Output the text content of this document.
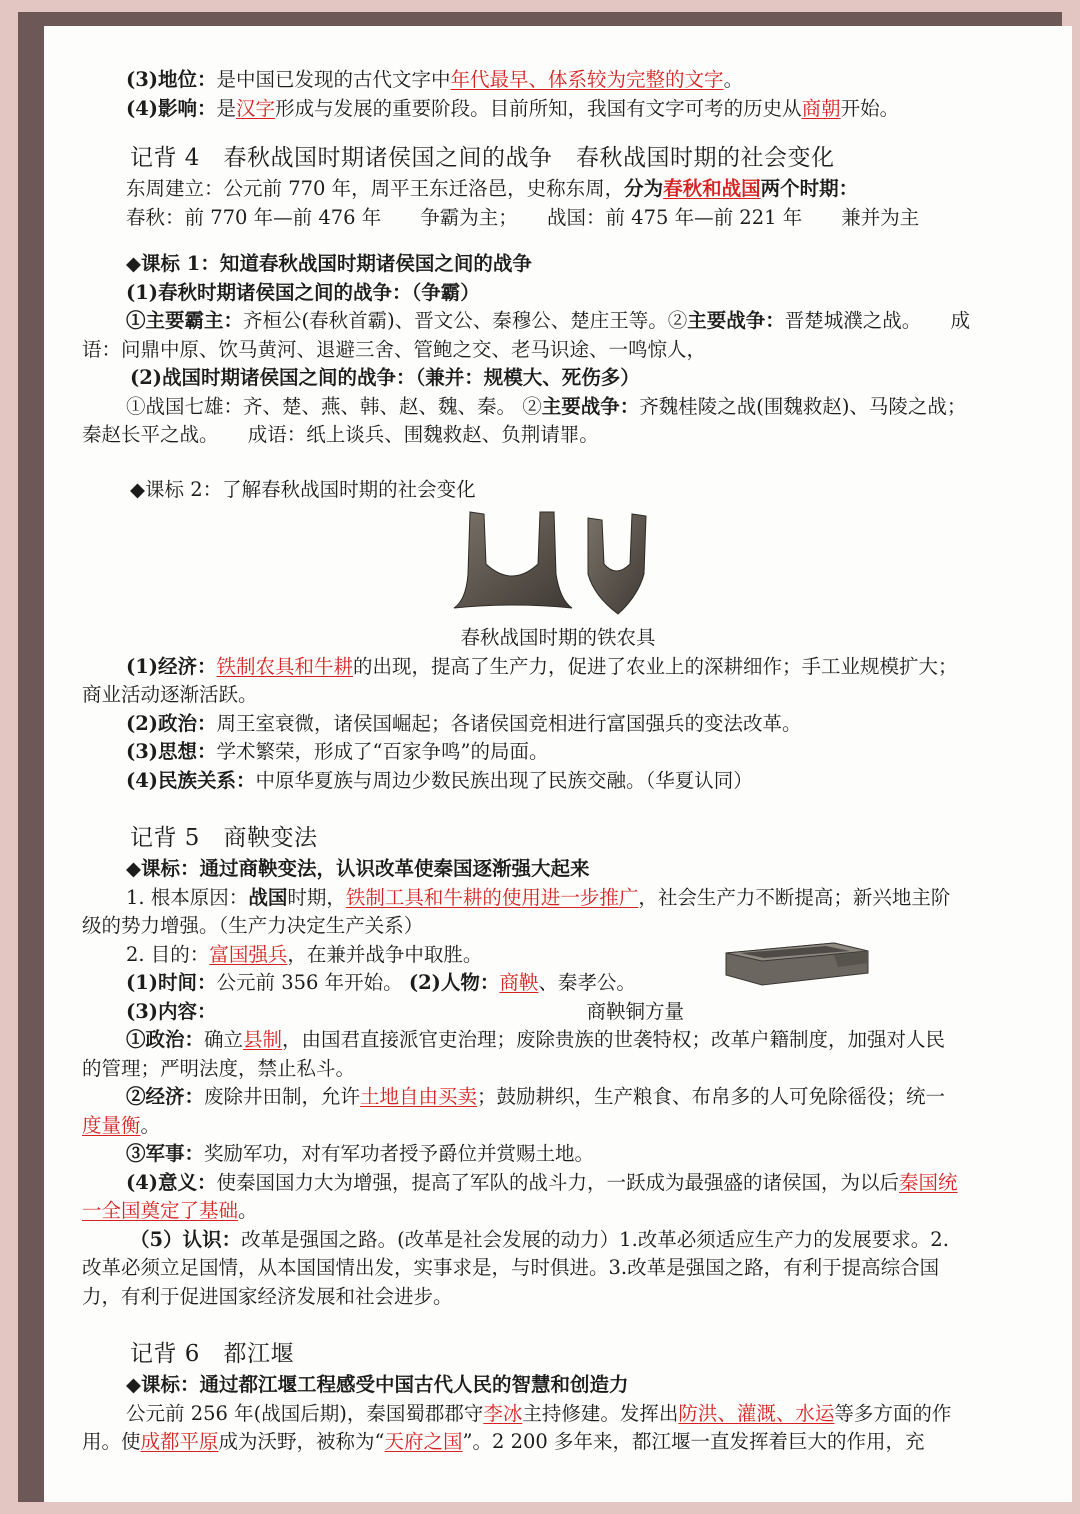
(3)地位：是中国已发现的古代文字中年代最早、体系较为完整的文字。

(4)影响：是汉字形成与发展的重要阶段。目前所知，我国有文字可考的历史从商朝开始。

记背 4　春秋战国时期诸侯国之间的战争　春秋战国时期的社会变化

东周建立：公元前 770 年，周平王东迁洛邑，史称东周，分为春秋和战国两个时期：

春秋：前 770 年—前 476 年　　争霸为主；　　战国：前 475 年—前 221 年　　兼并为主

◆课标 1：知道春秋战国时期诸侯国之间的战争

(1)春秋时期诸侯国之间的战争：（争霸）

①主要霸主：齐桓公(春秋首霸)、晋文公、秦穆公、楚庄王等。②主要战争：晋楚城濮之战。　　成

语：问鼎中原、饮马黄河、退避三舍、管鲍之交、老马识途、一鸣惊人，

(2)战国时期诸侯国之间的战争：（兼并：规模大、死伤多）

①战国七雄：齐、楚、燕、韩、赵、魏、秦。 ②主要战争：齐魏桂陵之战(围魏救赵)、马陵之战；

秦赵长平之战。　　成语：纸上谈兵、围魏救赵、负荆请罪。

◆课标 2：了解春秋战国时期的社会变化

春秋战国时期的铁农具

(1)经济：铁制农具和牛耕的出现，提高了生产力，促进了农业上的深耕细作；手工业规模扩大；

商业活动逐渐活跃。

(2)政治：周王室衰微，诸侯国崛起；各诸侯国竞相进行富国强兵的变法改革。

(3)思想：学术繁荣，形成了“百家争鸣”的局面。

(4)民族关系：中原华夏族与周边少数民族出现了民族交融。（华夏认同）

记背 5　商鞅变法

◆课标：通过商鞅变法，认识改革使秦国逐渐强大起来

1. 根本原因：战国时期，铁制工具和牛耕的使用进一步推广，社会生产力不断提高；新兴地主阶

级的势力增强。（生产力决定生产关系）

2. 目的：富国强兵，在兼并战争中取胜。

(1)时间：公元前 356 年开始。 (2)人物：商鞅、秦孝公。

(3)内容：	商鞅铜方量

①政治：确立县制，由国君直接派官吏治理；废除贵族的世袭特权；改革户籍制度，加强对人民

的管理；严明法度，禁止私斗。

②经济：废除井田制，允许土地自由买卖；鼓励耕织，生产粮食、布帛多的人可免除徭役；统一

度量衡。

③军事：奖励军功，对有军功者授予爵位并赏赐土地。

(4)意义：使秦国国力大为增强，提高了军队的战斗力，一跃成为最强盛的诸侯国，为以后秦国统

一全国奠定了基础。

（5）认识：改革是强国之路。(改革是社会发展的动力）1.改革必须适应生产力的发展要求。2.

改革必须立足国情，从本国国情出发，实事求是，与时俱进。3.改革是强国之路，有利于提高综合国

力，有利于促进国家经济发展和社会进步。

记背 6　都江堰

◆课标：通过都江堰工程感受中国古代人民的智慧和创造力

公元前 256 年(战国后期)，秦国蜀郡郡守李冰主持修建。发挥出防洪、灌溉、水运等多方面的作

用。使成都平原成为沃野，被称为“天府之国”。2 200 多年来，都江堰一直发挥着巨大的作用，充
